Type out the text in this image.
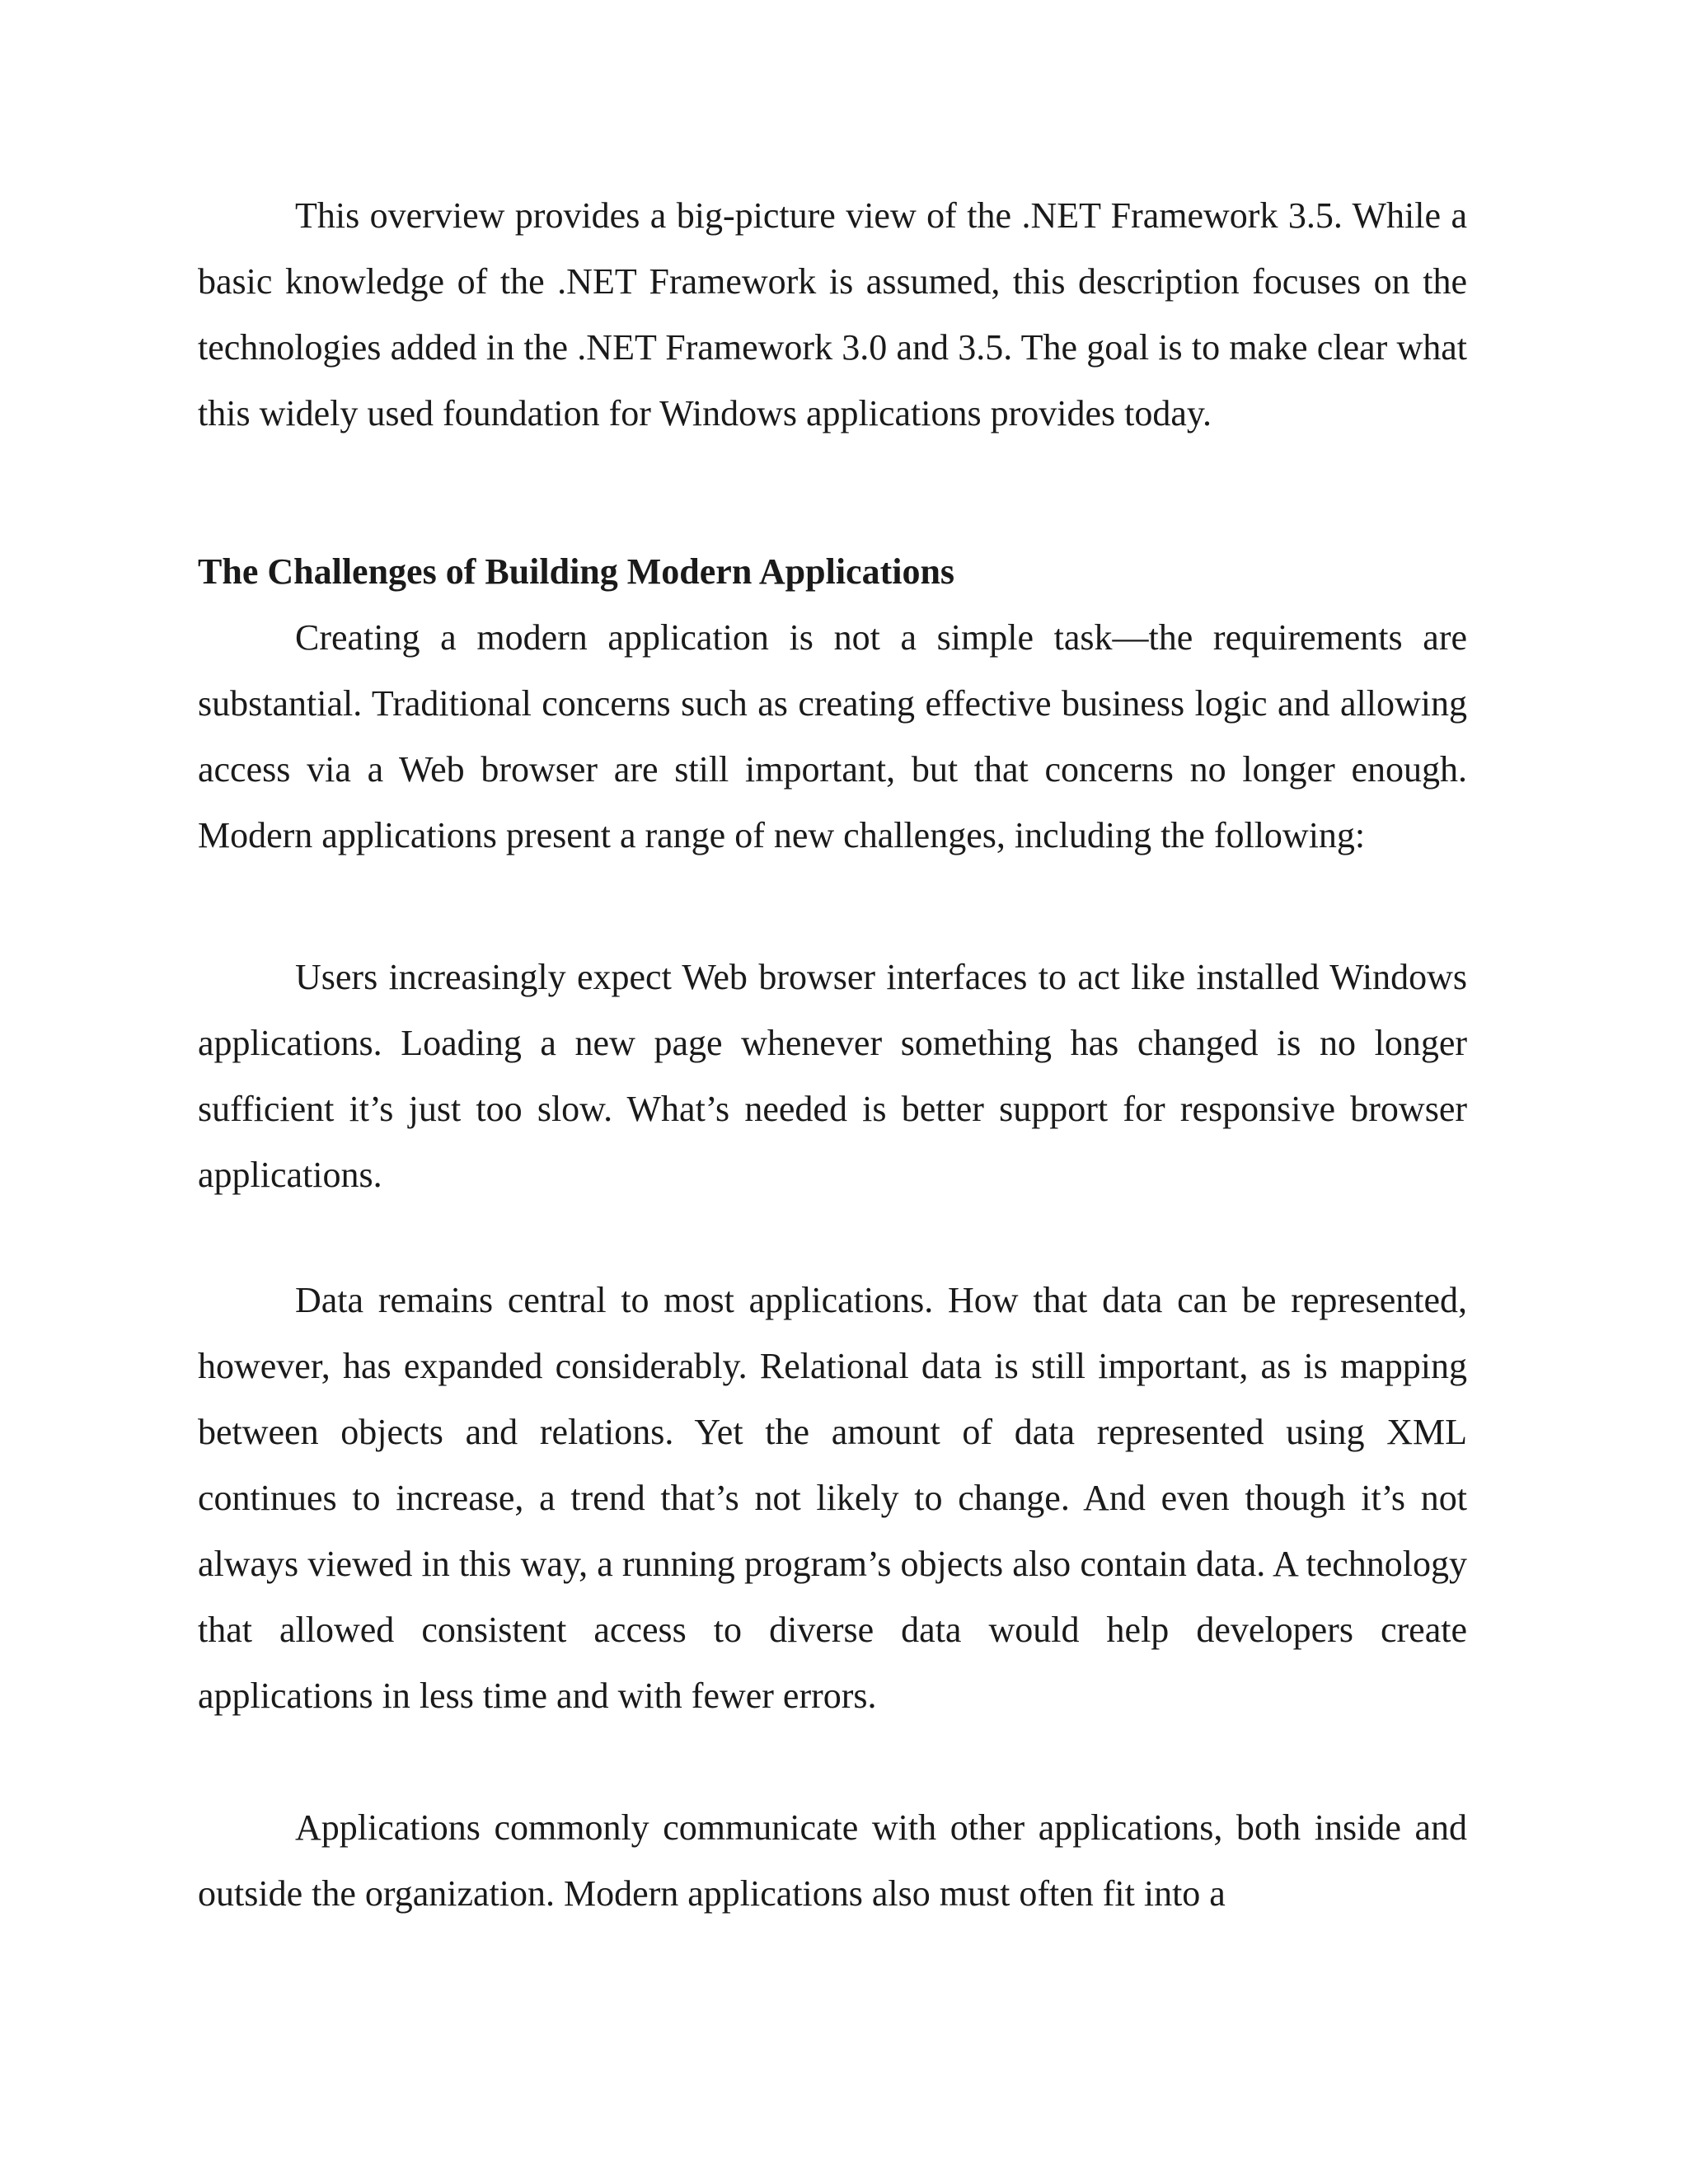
This overview provides a big-picture view of the .NET Framework 3.5. While a basic knowledge of the .NET Framework is assumed, this description focuses on the technologies added in the .NET Framework 3.0 and 3.5. The goal is to make clear what this widely used foundation for Windows applications provides today.

The Challenges of Building Modern Applications

Creating a modern application is not a simple task—the requirements are substantial. Traditional concerns such as creating effective business logic and allowing access via a Web browser are still important, but that concerns no longer enough. Modern applications present a range of new challenges, including the following:

Users increasingly expect Web browser interfaces to act like installed Windows applications. Loading a new page whenever something has changed is no longer sufficient it’s just too slow. What’s needed is better support for responsive browser applications.

Data remains central to most applications. How that data can be represented, however, has expanded considerably. Relational data is still important, as is mapping between objects and relations. Yet the amount of data represented using XML continues to increase, a trend that’s not likely to change. And even though it’s not always viewed in this way, a running program’s objects also contain data. A technology that allowed consistent access to diverse data would help developers create applications in less time and with fewer errors.

Applications commonly communicate with other applications, both inside and outside the organization. Modern applications also must often fit into a
